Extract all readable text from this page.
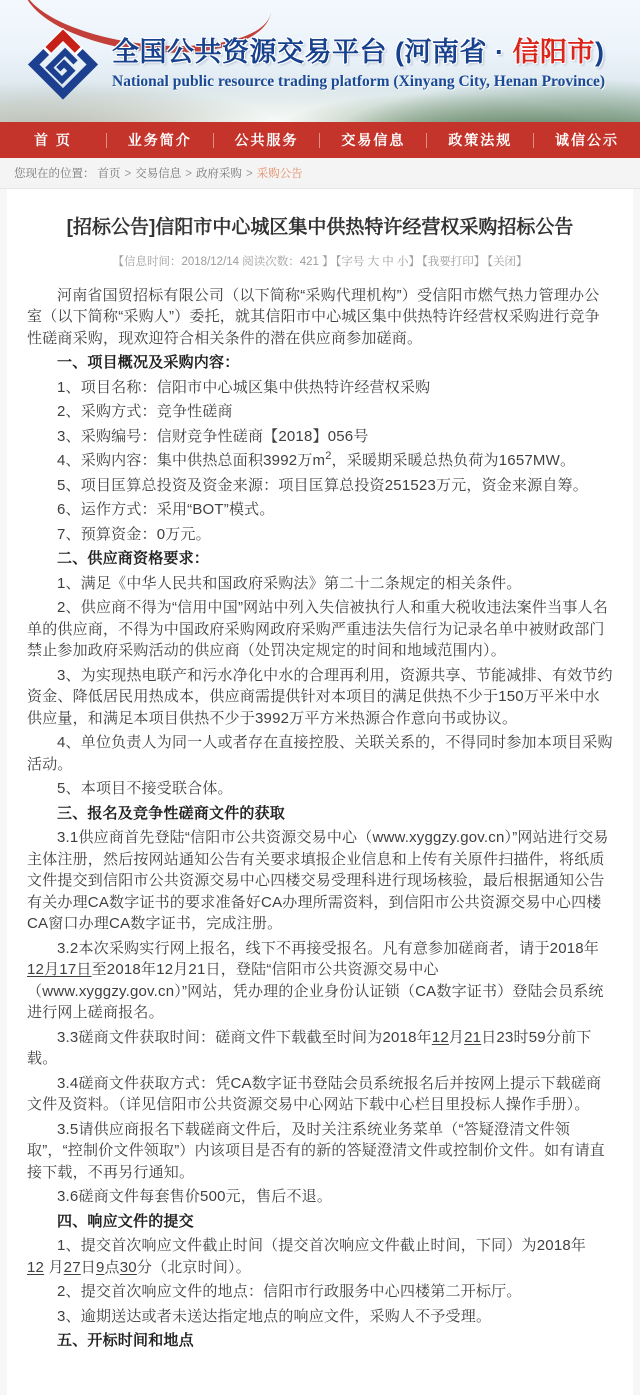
全国公共资源交易平台 (河南省 · 信阳市)
National public resource trading platform (Xinyang City, Henan Province)
首 页	业务简介	公共服务	交易信息	政策法规	诚信公示
您现在的位置： 首页 > 交易信息 > 政府采购 > 采购公告
[招标公告]信阳市中心城区集中供热特许经营权采购招标公告
【信息时间：2018/12/14 阅读次数：421 】 【字号 大 中 小】 【我要打印】 【关闭】

河南省国贸招标有限公司（以下简称“采购代理机构”）受信阳市燃气热力管理办公室（以下简称“采购人”）委托，就其信阳市中心城区集中供热特许经营权采购进行竞争性磋商采购，现欢迎符合相关条件的潜在供应商参加磋商。

一、项目概况及采购内容：

1、项目名称：信阳市中心城区集中供热特许经营权采购

2、采购方式：竞争性磋商

3、采购编号：信财竞争性磋商【2018】056号

4、采购内容：集中供热总面积3992万$m^2$，采暖期采暖总热负荷为1657MW。

5、项目匡算总投资及资金来源：项目匡算总投资251523万元，资金来源自筹。

6、运作方式：采用“BOT”模式。

7、预算资金：0万元。

二、供应商资格要求：

1、满足《中华人民共和国政府采购法》第二十二条规定的相关条件。

2、供应商不得为“信用中国”网站中列入失信被执行人和重大税收违法案件当事人名单的供应商，不得为中国政府采购网政府采购严重违法失信行为记录名单中被财政部门禁止参加政府采购活动的供应商（处罚决定规定的时间和地域范围内）。

3、为实现热电联产和污水净化中水的合理再利用，资源共享、节能减排、有效节约资金、降低居民用热成本，供应商需提供针对本项目的满足供热不少于150万平米中水供应量，和满足本项目供热不少于3992万平方米热源合作意向书或协议。

4、单位负责人为同一人或者存在直接控股、关联关系的，不得同时参加本项目采购活动。

5、本项目不接受联合体。

三、报名及竞争性磋商文件的获取

3.1供应商首先登陆“信阳市公共资源交易中心（www.xyggzy.gov.cn）”网站进行交易主体注册，然后按网站通知公告有关要求填报企业信息和上传有关原件扫描件，将纸质文件提交到信阳市公共资源交易中心四楼交易受理科进行现场核验，最后根据通知公告有关办理CA数字证书的要求准备好CA办理所需资料，到信阳市公共资源交易中心四楼CA窗口办理CA数字证书，完成注册。

3.2本次采购实行网上报名，线下不再接受报名。凡有意参加磋商者，请于2018年12月17日至2018年12月21日，登陆“信阳市公共资源交易中心（www.xyggzy.gov.cn）”网站，凭办理的企业身份认证锁（CA数字证书）登陆会员系统进行网上磋商报名。

3.3磋商文件获取时间：磋商文件下载截至时间为2018年12月21日23时59分前下载。

3.4磋商文件获取方式：凭CA数字证书登陆会员系统报名后并按网上提示下载磋商文件及资料。（详见信阳市公共资源交易中心网站下载中心栏目里投标人操作手册）。

3.5请供应商报名下载磋商文件后，及时关注系统业务菜单（“答疑澄清文件领取”，“控制价文件领取”）内该项目是否有的新的答疑澄清文件或控制价文件。如有请直接下载，不再另行通知。

3.6磋商文件每套售价500元，售后不退。

四、响应文件的提交

1、提交首次响应文件截止时间（提交首次响应文件截止时间，下同）为2018年
12 月27日9点30分（北京时间）。

2、提交首次响应文件的地点：信阳市行政服务中心四楼第二开标厅。

3、逾期送达或者未送达指定地点的响应文件，采购人不予受理。

五、开标时间和地点
